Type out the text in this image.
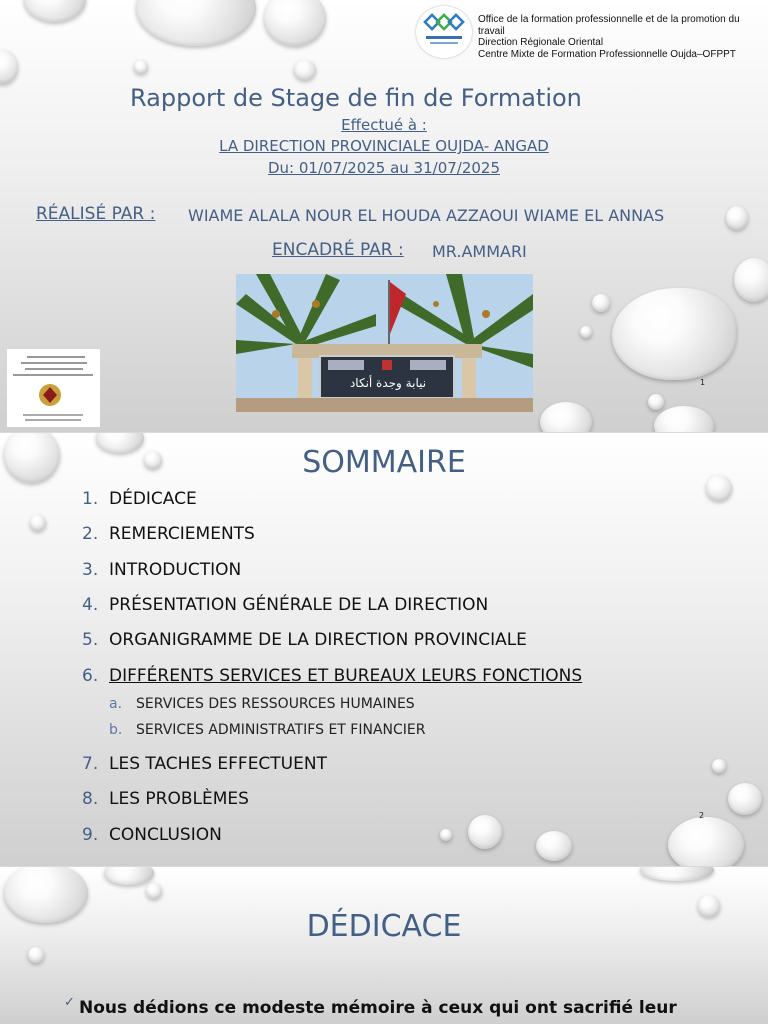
Office de la formation professionnelle et de la promotion du
travail
Direction Régionale Oriental
Centre Mixte de Formation Professionnelle Oujda–OFPPT
Rapport de Stage de fin de Formation
Effectué à :
LA DIRECTION PROVINCIALE OUJDA- ANGAD
Du: 01/07/2025 au 31/07/2025
RÉALISÉ PAR : WIAME ALALA NOUR EL HOUDA AZZAOUI WIAME EL ANNAS
ENCADRÉ PAR : MR.AMMARI
نيابة وجدة أنكاد	1
SOMMAIRE
1. DÉDICACE
2. REMERCIEMENTS
3. INTRODUCTION
4. PRÉSENTATION GÉNÉRALE DE LA DIRECTION
5. ORGANIGRAMME DE LA DIRECTION PROVINCIALE
6. DIFFÉRENTS SERVICES ET BUREAUX LEURS FONCTIONS
a. SERVICES DES RESSOURCES HUMAINES
b. SERVICES ADMINISTRATIFS ET FINANCIER
7. LES TACHES EFFECTUENT
8. LES PROBLÈMES
9. CONCLUSION
2
DÉDICACE
✓ Nous dédions ce modeste mémoire à ceux qui ont sacrifié leur
